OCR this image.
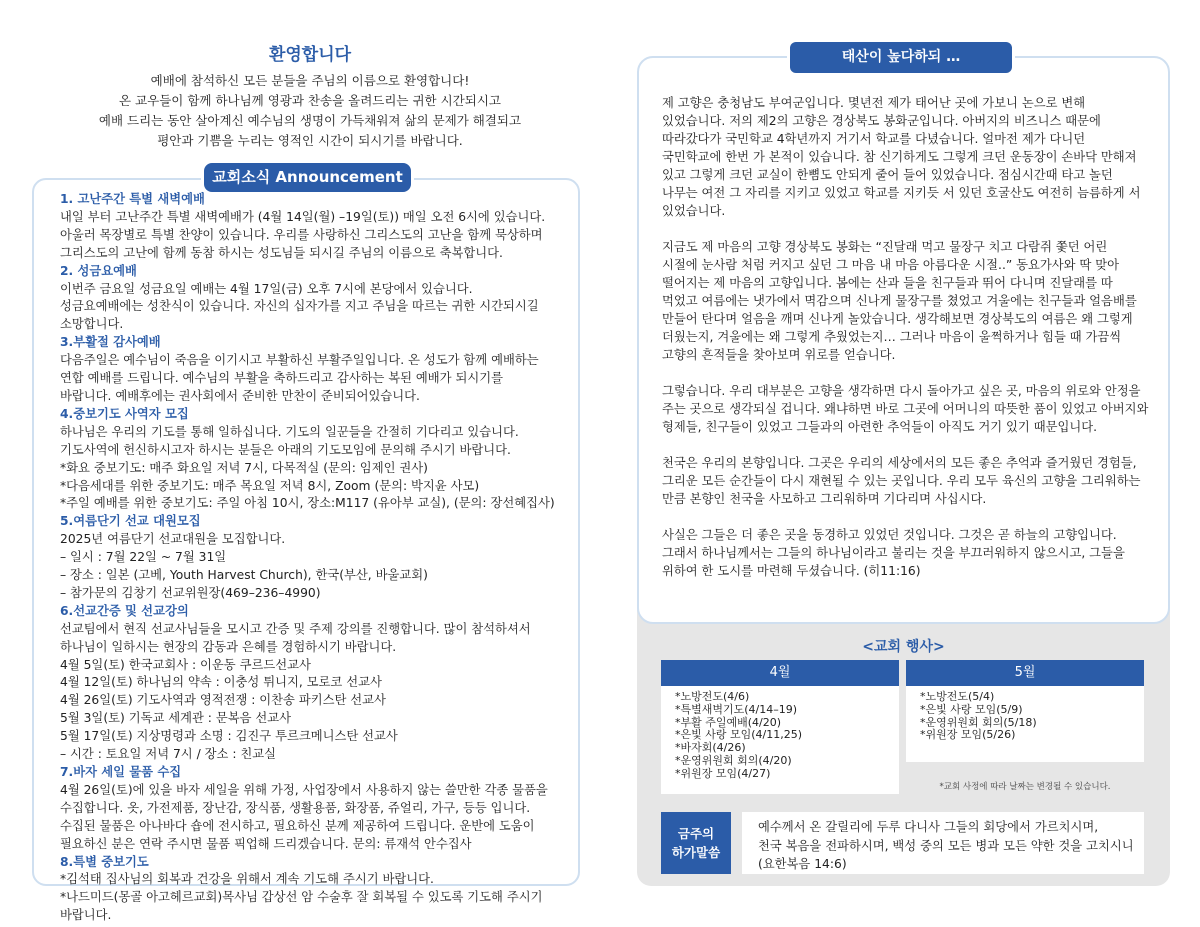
환영합니다
예배에 참석하신 모든 분들을 주님의 이름으로 환영합니다!
온 교우들이 함께 하나님께 영광과 찬송을 올려드리는 귀한 시간되시고
예배 드리는 동안 살아계신 예수님의 생명이 가득채워져 삶의 문제가 해결되고
평안과 기쁨을 누리는 영적인 시간이 되시기를 바랍니다.
교회소식 Announcement
1. 고난주간 특별 새벽예배
내일 부터 고난주간 특별 새벽예배가 (4월 14일(월) –19일(토)) 매일 오전 6시에 있습니다.
아울러 목장별로 특별 찬양이 있습니다. 우리를 사랑하신 그리스도의 고난을 함께 묵상하며
그리스도의 고난에 함께 동참 하시는 성도님들 되시길 주님의 이름으로 축복합니다.
2. 성금요예배
이번주 금요일 성금요일 예배는 4월 17일(금) 오후 7시에 본당에서 있습니다.
성금요예배에는 성찬식이 있습니다. 자신의 십자가를 지고 주님을 따르는 귀한 시간되시길
소망합니다.
3.부활절 감사예배
다음주일은 예수님이 죽음을 이기시고 부활하신 부활주일입니다. 온 성도가 함께 예배하는
연합 예배를 드립니다. 예수님의 부활을 축하드리고 감사하는 복된 예배가 되시기를
바랍니다. 예배후에는 권사회에서 준비한 만찬이 준비되어있습니다.
4.중보기도 사역자 모집
하나님은 우리의 기도를 통해 일하십니다. 기도의 일꾼들을 간절히 기다리고 있습니다.
기도사역에 헌신하시고자 하시는 분들은 아래의 기도모임에 문의해 주시기 바랍니다.
*화요 중보기도: 매주 화요일 저녁 7시, 다목적실 (문의: 임제인 권사)
*다음세대를 위한 중보기도: 매주 목요일 저녁 8시, Zoom (문의: 박지윤 사모)
*주일 예배를 위한 중보기도: 주일 아침 10시, 장소:M117 (유아부 교실), (문의: 장선혜집사)
5.여름단기 선교 대원모집
2025년 여름단기 선교대원을 모집합니다.
– 일시 : 7월 22일 ~ 7월 31일
– 장소 : 일본 (고베, Youth Harvest Church), 한국(부산, 바울교회)
– 참가문의 김창기 선교위원장(469–236–4990)
6.선교간증 및 선교강의
선교팀에서 현직 선교사님들을 모시고 간증 및 주제 강의를 진행합니다. 많이 참석하셔서
하나님이 일하시는 현장의 감동과 은혜를 경험하시기 바랍니다.
4월 5일(토) 한국교회사 : 이운동 쿠르드선교사
4월 12일(토) 하나님의 약속 : 이충성 튀니지, 모로코 선교사
4월 26일(토) 기도사역과 영적전쟁 : 이찬송 파키스탄 선교사
5월 3일(토) 기독교 세계관 : 문복음 선교사
5월 17일(토) 지상명령과 소명 : 김진구 투르크메니스탄 선교사
– 시간 : 토요일 저녁 7시 / 장소 : 친교실
7.바자 세일 물품 수집
4월 26일(토)에 있을 바자 세일을 위해 가정, 사업장에서 사용하지 않는 쓸만한 각종 물품을
수집합니다. 옷, 가전제품, 장난감, 장식품, 생활용품, 화장품, 쥬얼리, 가구, 등등 입니다.
수집된 물품은 아나바다 숍에 전시하고, 필요하신 분께 제공하여 드립니다. 운반에 도움이
필요하신 분은 연락 주시면 물품 픽업해 드리겠습니다. 문의: 류재석 안수집사
8.특별 중보기도
*김석태 집사님의 회복과 건강을 위해서 계속 기도해 주시기 바랍니다.
*나드미드(몽골 아고헤르교회)목사님 갑상선 암 수술후 잘 회복될 수 있도록 기도해 주시기
바랍니다.
태산이 높다하되 …
제 고향은 충청남도 부여군입니다. 몇년전 제가 태어난 곳에 가보니 논으로 변해
있었습니다. 저의 제2의 고향은 경상북도 봉화군입니다. 아버지의 비즈니스 때문에
따라갔다가 국민학교 4학년까지 거기서 학교를 다녔습니다. 얼마전 제가 다니던
국민학교에 한번 가 본적이 있습니다. 참 신기하게도 그렇게 크던 운동장이 손바닥 만해져
있고 그렇게 크던 교실이 한뼘도 안되게 줄어 들어 있었습니다. 점심시간때 타고 놀던
나무는 여전 그 자리를 지키고 있었고 학교를 지키듯 서 있던 호굴산도 여전히 늠름하게 서
있었습니다.
지금도 제 마음의 고향 경상북도 봉화는 “진달래 먹고 물장구 치고 다람쥐 쫓던 어린
시절에 눈사람 처럼 커지고 싶던 그 마음 내 마음 아름다운 시절..” 동요가사와 딱 맞아
떨어지는 제 마음의 고향입니다. 봄에는 산과 들을 친구들과 뛰어 다니며 진달래를 따
먹었고 여름에는 냇가에서 멱감으며 신나게 물장구를 쳤었고 겨울에는 친구들과 얼음배를
만들어 탄다며 얼음을 깨며 신나게 놀았습니다. 생각해보면 경상북도의 여름은 왜 그렇게
더웠는지, 겨울에는 왜 그렇게 추웠었는지… 그러나 마음이 울쩍하거나 힘들 때 가끔씩
고향의 흔적들을 찾아보며 위로를 얻습니다.
그렇습니다. 우리 대부분은 고향을 생각하면 다시 돌아가고 싶은 곳, 마음의 위로와 안정을
주는 곳으로 생각되실 겁니다. 왜냐하면 바로 그곳에 어머니의 따뜻한 품이 있었고 아버지와
형제들, 친구들이 있었고 그들과의 아련한 추억들이 아직도 거기 있기 때문입니다.
천국은 우리의 본향입니다. 그곳은 우리의 세상에서의 모든 좋은 추억과 즐거웠던 경험들,
그리운 모든 순간들이 다시 재현될 수 있는 곳입니다. 우리 모두 육신의 고향을 그리워하는
만큼 본향인 천국을 사모하고 그리워하며 기다리며 사십시다.
사실은 그들은 더 좋은 곳을 동경하고 있었던 것입니다. 그것은 곧 하늘의 고향입니다.
그래서 하나님께서는 그들의 하나님이라고 불리는 것을 부끄러워하지 않으시고, 그들을
위하여 한 도시를 마련해 두셨습니다. (히11:16)
<교회 행사>
4월
*노방전도(4/6)
*특별새벽기도(4/14–19)
*부활 주일예배(4/20)
*은빛 사랑 모임(4/11,25)
*바자회(4/26)
*운영위원회 회의(4/20)
*위원장 모임(4/27)
5월
*노방전도(5/4)
*은빛 사랑 모임(5/9)
*운영위원회 회의(5/18)
*위원장 모임(5/26)
*교회 사정에 따라 날짜는 변경될 수 있습니다.
금주의
하가말씀
예수께서 온 갈릴리에 두루 다니사 그들의 회당에서 가르치시며,
천국 복음을 전파하시며, 백성 중의 모든 병과 모든 약한 것을 고치시니
(요한복음 14:6)
